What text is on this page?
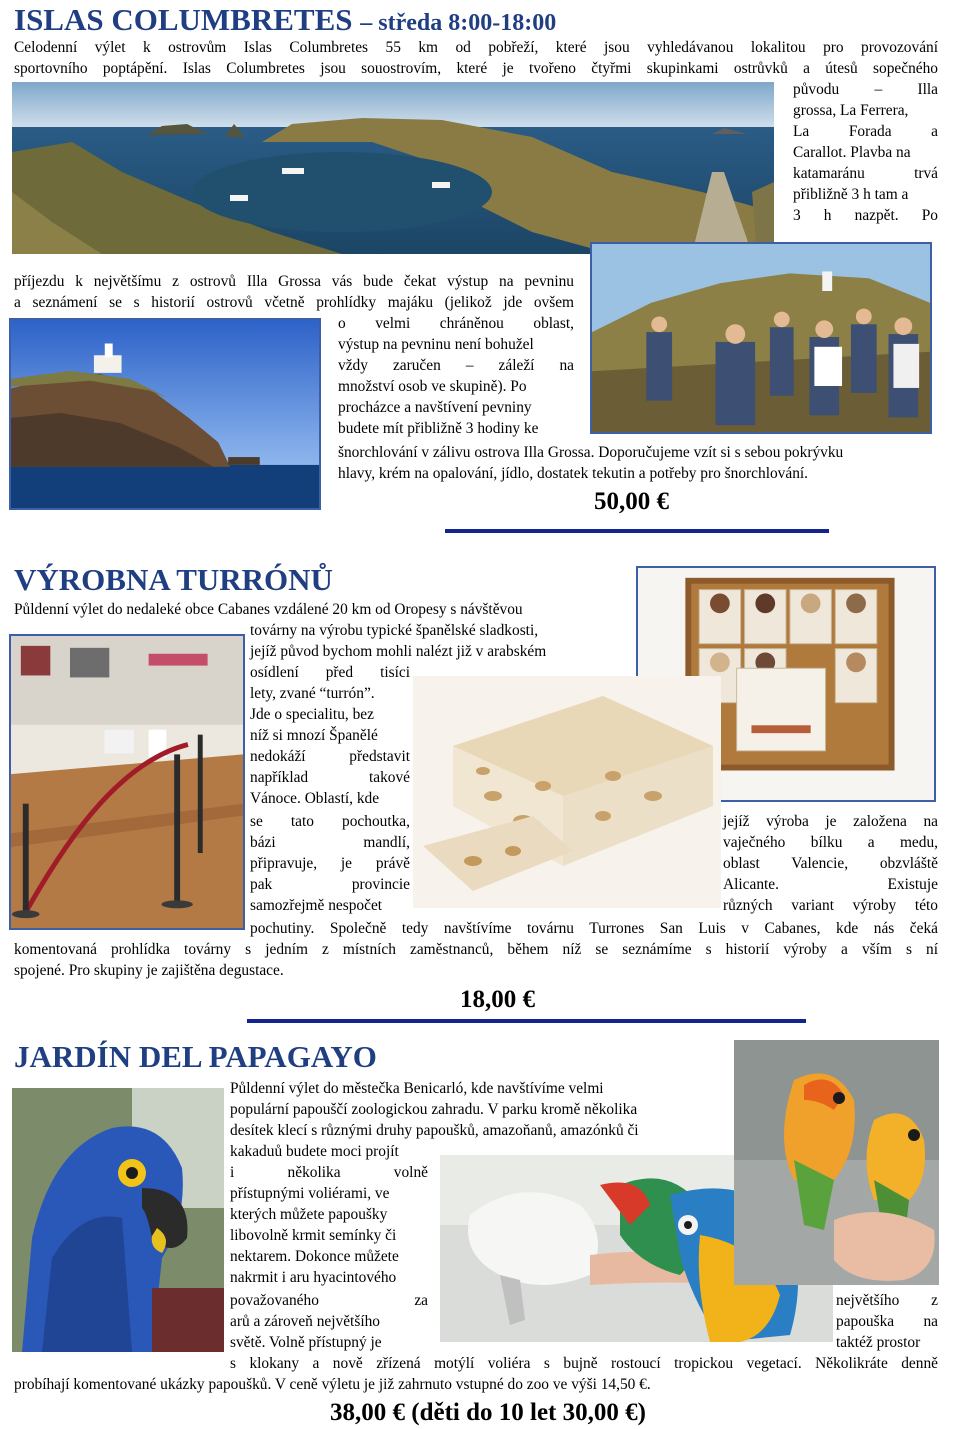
ISLAS COLUMBRETES – středa 8:00-18:00
Celodenní výlet k ostrovům Islas Columbretes 55 km od pobřeží, které jsou vyhledávanou lokalitou pro provozování
sportovního poptápění. Islas Columbretes jsou souostrovím, které je tvořeno čtyřmi skupinkami ostrůvků a útesů sopečného
původu – Illa
grossa, La Ferrera,
La Forada a
Carallot. Plavba na
katamaránu trvá
přibližně 3 h tam a
3 h nazpět. Po
příjezdu k největšímu z ostrovů Illa Grossa vás bude čekat výstup na pevninu
a seznámení se s historií ostrovů včetně prohlídky majáku (jelikož jde ovšem
o velmi chráněnou oblast,
výstup na pevninu není bohužel
vždy zaručen – záleží na
množství osob ve skupině). Po
procházce a navštívení pevniny
budete mít přibližně 3 hodiny ke
šnorchlování v zálivu ostrova Illa Grossa. Doporučujeme vzít si s sebou pokrývku
hlavy, krém na opalování, jídlo, dostatek tekutin a potřeby pro šnorchlování.
50,00 €
VÝROBNA TURRÓNŮ
Půldenní výlet do nedaleké obce Cabanes vzdálené 20 km od Oropesy s návštěvou
továrny na výrobu typické španělské sladkosti,
jejíž původ bychom mohli nalézt již v arabském
osídlení před tisíci
lety, zvané “turrón”.
Jde o specialitu, bez
níž si mnozí Španělé
nedokáží představit
například takové
Vánoce. Oblastí, kde
se tato pochoutka,	jejíž výroba je založena na
bázi mandlí,	vaječného bílku a medu,
připravuje, je právě	oblast Valencie, obzvláště
pak provincie	Alicante. Existuje
samozřejmě nespočet	různých variant výroby této
pochutiny. Společně tedy navštívíme továrnu Turrones San Luis v Cabanes, kde nás čeká
komentovaná prohlídka továrny s jedním z místních zaměstnanců, během níž se seznámíme s historií výroby a vším s ní
spojené. Pro skupiny je zajištěna degustace.
18,00 €
JARDÍN DEL PAPAGAYO
Půldenní výlet do městečka Benicarló, kde navštívíme velmi
populární papouščí zoologickou zahradu. V parku kromě několika
desítek klecí s různými druhy papoušků, amazoňanů, amazónků či
kakaduů budete moci projít
i několika volně
přístupnými voliérami, ve
kterých můžete papoušky
libovolně krmit semínky či
nektarem. Dokonce můžete
nakrmit i aru hyacintového
považovaného za	největšího z
arů a zároveň největšího	papouška na
světě. Volně přístupný je	taktéž prostor
s klokany a nově zřízená motýlí voliéra s bujně rostoucí tropickou vegetací. Několikráte denně
probíhají komentované ukázky papoušků. V ceně výletu je již zahrnuto vstupné do zoo ve výši 14,50 €.
38,00 € (děti do 10 let 30,00 €)
